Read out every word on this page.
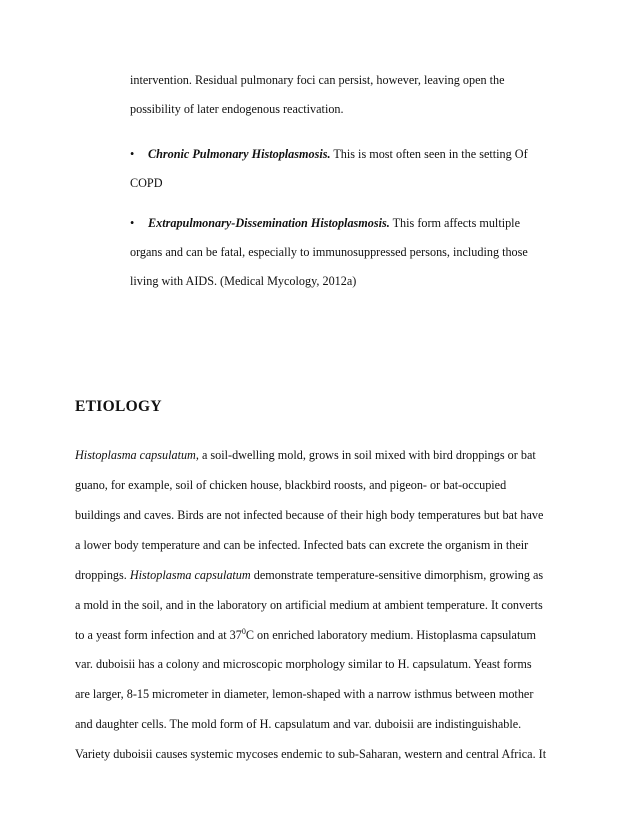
intervention. Residual pulmonary foci can persist, however, leaving open the
possibility of later endogenous reactivation.
• Chronic Pulmonary Histoplasmosis. This is most often seen in the setting Of
COPD
• Extrapulmonary-Dissemination Histoplasmosis. This form affects multiple
organs and can be fatal, especially to immunosuppressed persons, including those
living with AIDS. (Medical Mycology, 2012a)
ETIOLOGY
Histoplasma capsulatum, a soil-dwelling mold, grows in soil mixed with bird droppings or bat
guano, for example, soil of chicken house, blackbird roosts, and pigeon- or bat-occupied
buildings and caves. Birds are not infected because of their high body temperatures but bat have
a lower body temperature and can be infected. Infected bats can excrete the organism in their
droppings. Histoplasma capsulatum demonstrate temperature-sensitive dimorphism, growing as
a mold in the soil, and in the laboratory on artificial medium at ambient temperature. It converts
to a yeast form infection and at $37^0C$ on enriched laboratory medium. Histoplasma capsulatum
var. duboisii has a colony and microscopic morphology similar to H. capsulatum. Yeast forms
are larger, 8-15 micrometer in diameter, lemon-shaped with a narrow isthmus between mother
and daughter cells. The mold form of H. capsulatum and var. duboisii are indistinguishable.
Variety duboisii causes systemic mycoses endemic to sub-Saharan, western and central Africa. It
